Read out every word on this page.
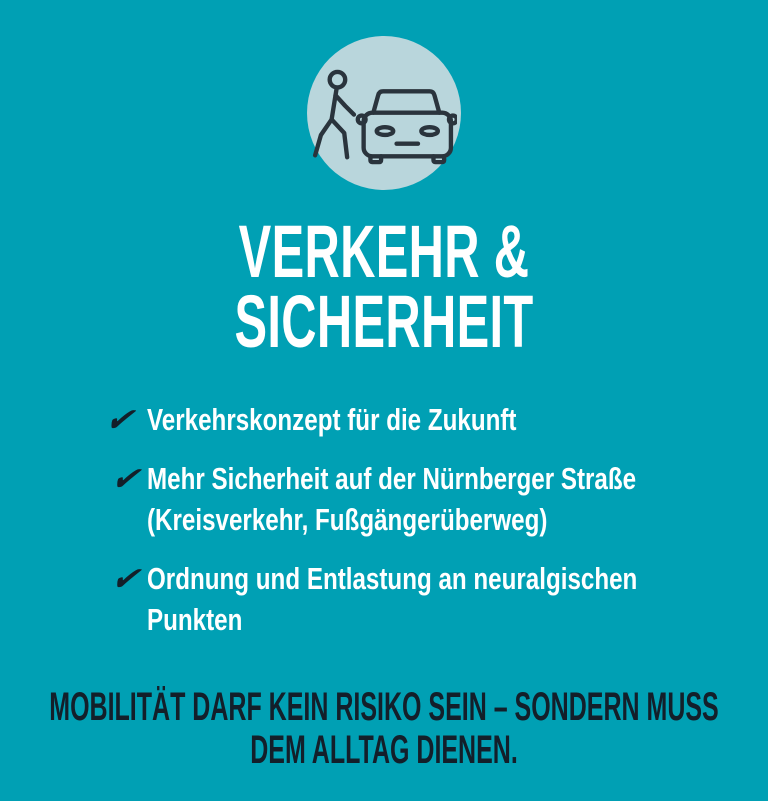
VERKEHR &
SICHERHEIT
✔ Verkehrskonzept für die Zukunft
✔ Mehr Sicherheit auf der Nürnberger Straße (Kreisverkehr, Fußgängerüberweg)
✔ Ordnung und Entlastung an neuralgischen Punkten
MOBILITÄT DARF KEIN RISIKO SEIN – SONDERN MUSS
DEM ALLTAG DIENEN.
